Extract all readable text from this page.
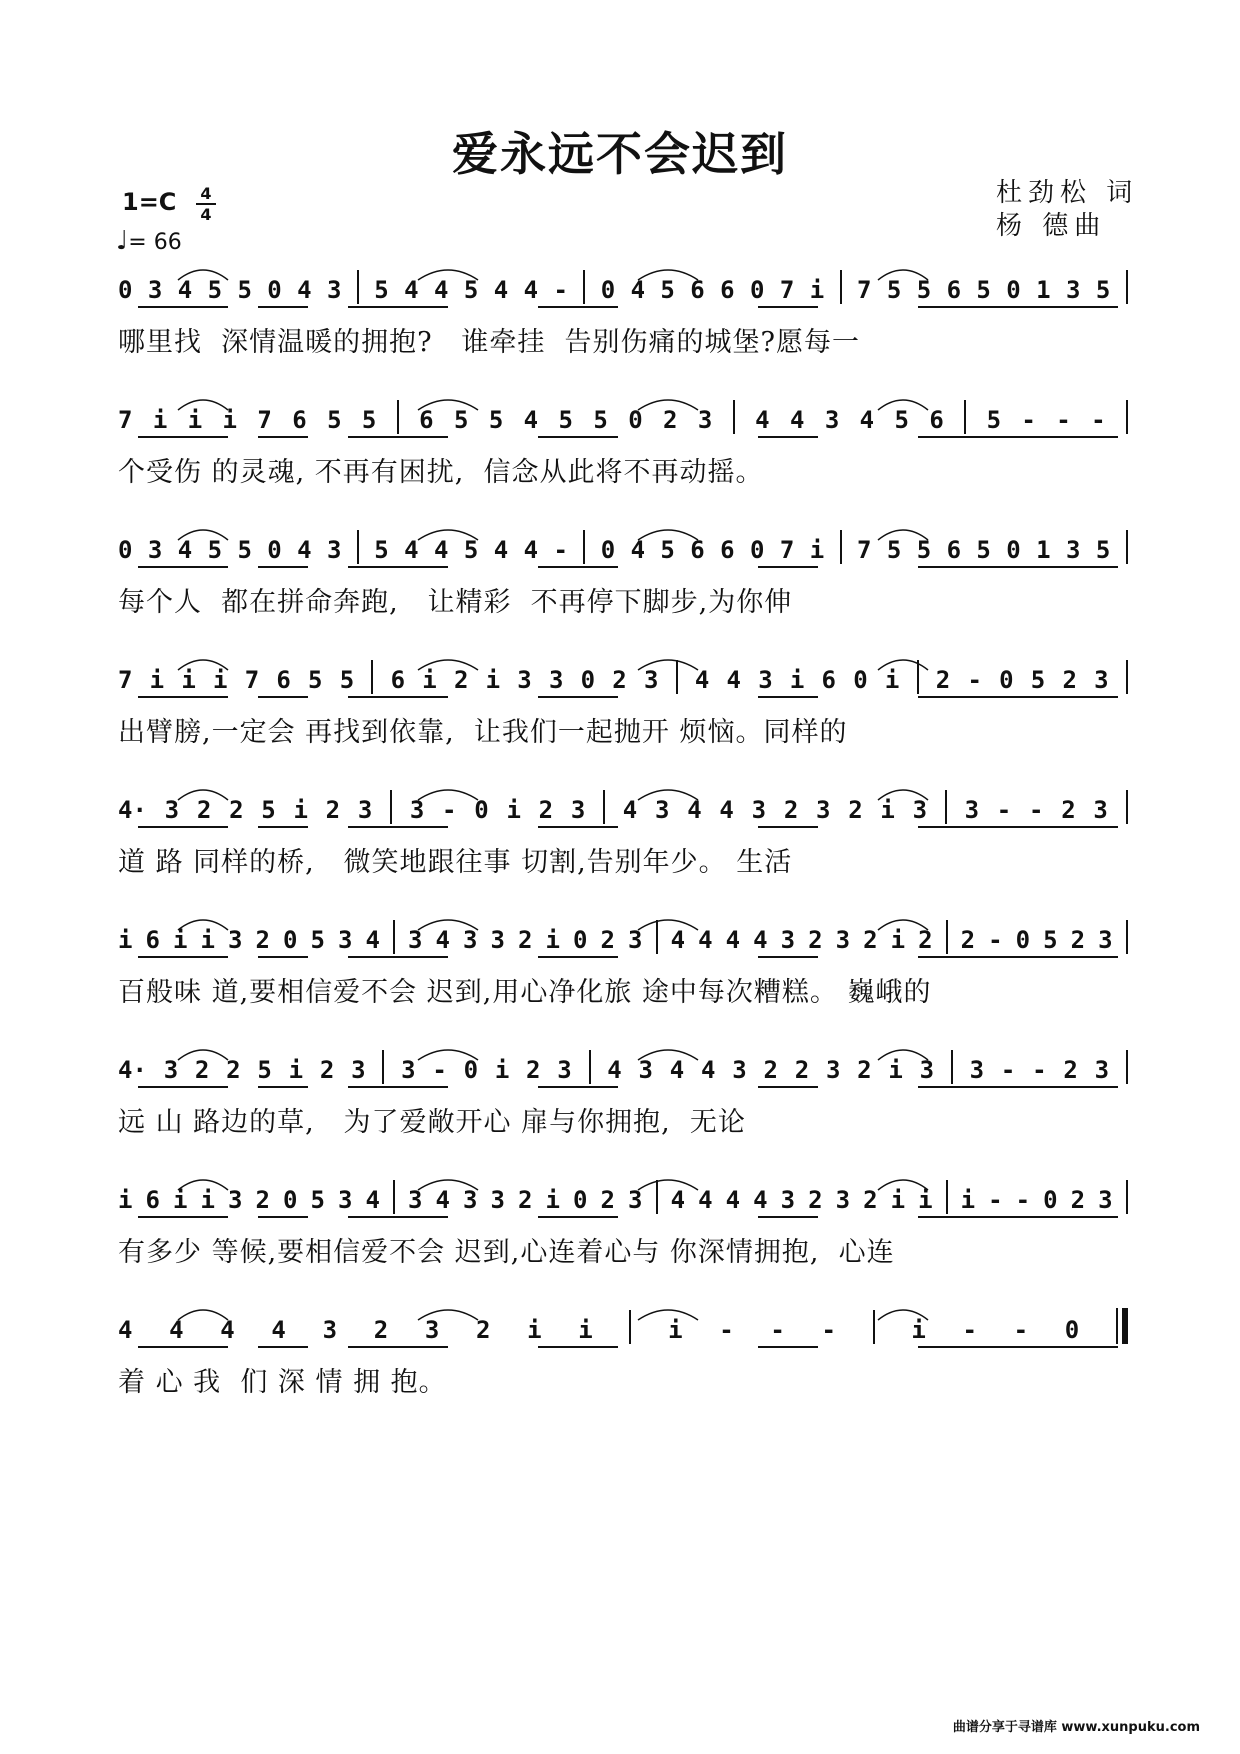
爱永远不会迟到
1=C 4
4
♩= 66
杜劲松 词
杨 德曲
0 3 4 5 5 0 4 3 5 4 4 5 4 4 - 0 4 5 6 6 0 7 i 7 5 5 6 5 0 1 3 5
哪里找  深情温暖的拥抱?   谁牵挂  告别伤痛的城堡?愿每一
7 i i i 7 6 5 5 6 5 5 4 5 5 0 2 3 4 4 3 4 5 6 5 - - -
个受伤 的灵魂, 不再有困扰,  信念从此将不再动摇。
0 3 4 5 5 0 4 3 5 4 4 5 4 4 - 0 4 5 6 6 0 7 i 7 5 5 6 5 0 1 3 5
每个人  都在拼命奔跑,   让精彩  不再停下脚步,为你伸
7 i i i 7 6 5 5 6 i 2 i 3 3 0 2 3 4 4 3 i 6 0 i 2 - 0 5 2 3
出臂膀,一定会 再找到依靠,  让我们一起抛开 烦恼。同样的
4· 3 2 2 5 i 2 3 3 - 0 i 2 3 4 3 4 4 3 2 3 2 i 3 3 - - 2 3
道 路 同样的桥,   微笑地跟往事 切割,告别年少。 生活
i 6 i i 3 2 0 5 3 4 3 4 3 3 2 i 0 2 3 4 4 4 4 3 2 3 2 i 2 2 - 0 5 2 3
百般味 道,要相信爱不会 迟到,用心净化旅 途中每次糟糕。 巍峨的
4· 3 2 2 5 i 2 3 3 - 0 i 2 3 4 3 4 4 3 2 2 3 2 i 3 3 - - 2 3
远 山 路边的草,   为了爱敞开心 扉与你拥抱,  无论
i 6 i i 3 2 0 5 3 4 3 4 3 3 2 i 0 2 3 4 4 4 4 3 2 3 2 i i i - - 0 2 3
有多少 等候,要相信爱不会 迟到,心连着心与 你深情拥抱,  心连
4 4 4 4 3 2 3 2 i i	i - - -	i - - 0
着 心 我  们 深 情 拥 抱。
曲谱分享于寻谱库 www.xunpuku.com
